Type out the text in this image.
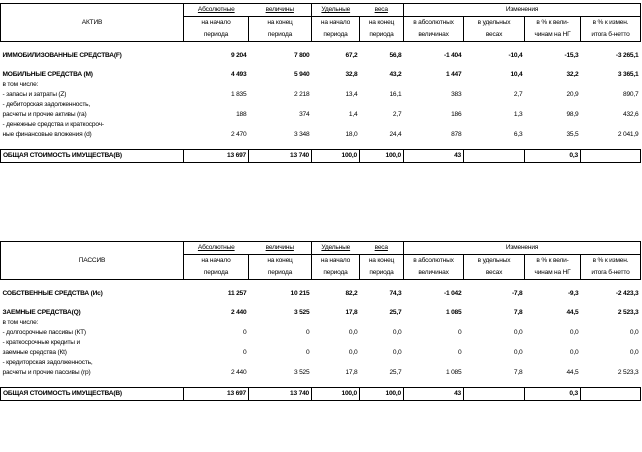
АКТИВ	Абсолютные	величины	Удельные	веса	Изменения			
	на начало	на конец	на начало	на конец	в абсолютных	в удельных	в % к вели-	в % к измен.
	периода	периода	периода	периода	величинах	весах	чинам на НГ	итога б-нетто

ИММОБИЛИЗОВАННЫЕ СРЕДСТВА(F)	9 204	7 800	67,2	56,8	-1 404	-10,4	-15,3	-3 265,1

МОБИЛЬНЫЕ СРЕДСТВА (М)	4 493	5 940	32,8	43,2	1 447	10,4	32,2	3 365,1
в том числе:								
- запасы и затраты (Z)	1 835	2 218	13,4	16,1	383	2,7	20,9	890,7
- дебиторская задолженность,								
расчеты и прочие активы (ra)	188	374	1,4	2,7	186	1,3	98,9	432,6
- денежные средства и краткосроч-								
ные финансовые вложения (d)	2 470	3 348	18,0	24,4	878	6,3	35,5	2 041,9

ОБЩАЯ СТОИМОСТЬ ИМУЩЕСТВА(В)	13 697	13 740	100,0	100,0	43		0,3	
ПАССИВ	Абсолютные	величины	Удельные	веса	Изменения			
	на начало	на конец	на начало	на конец	в абсолютных	в удельных	в % к вели-	в % к измен.
	периода	периода	периода	периода	величинах	весах	чинам на НГ	итога б-нетто

СОБСТВЕННЫЕ СРЕДСТВА (Ис)	11 257	10 215	82,2	74,3	-1 042	-7,8	-9,3	-2 423,3

ЗАЕМНЫЕ СРЕДСТВА(Q)	2 440	3 525	17,8	25,7	1 085	7,8	44,5	2 523,3
в том числе:								
- долгосрочные пассивы (КТ)	0	0	0,0	0,0	0	0,0	0,0	0,0
- краткосрочные кредиты и								
заемные средства (Кt)	0	0	0,0	0,0	0	0,0	0,0	0,0
- кредиторская задолженность,								
расчеты и прочие пассивы (rp)	2 440	3 525	17,8	25,7	1 085	7,8	44,5	2 523,3

ОБЩАЯ СТОИМОСТЬ ИМУЩЕСТВА(В)	13 697	13 740	100,0	100,0	43		0,3	
